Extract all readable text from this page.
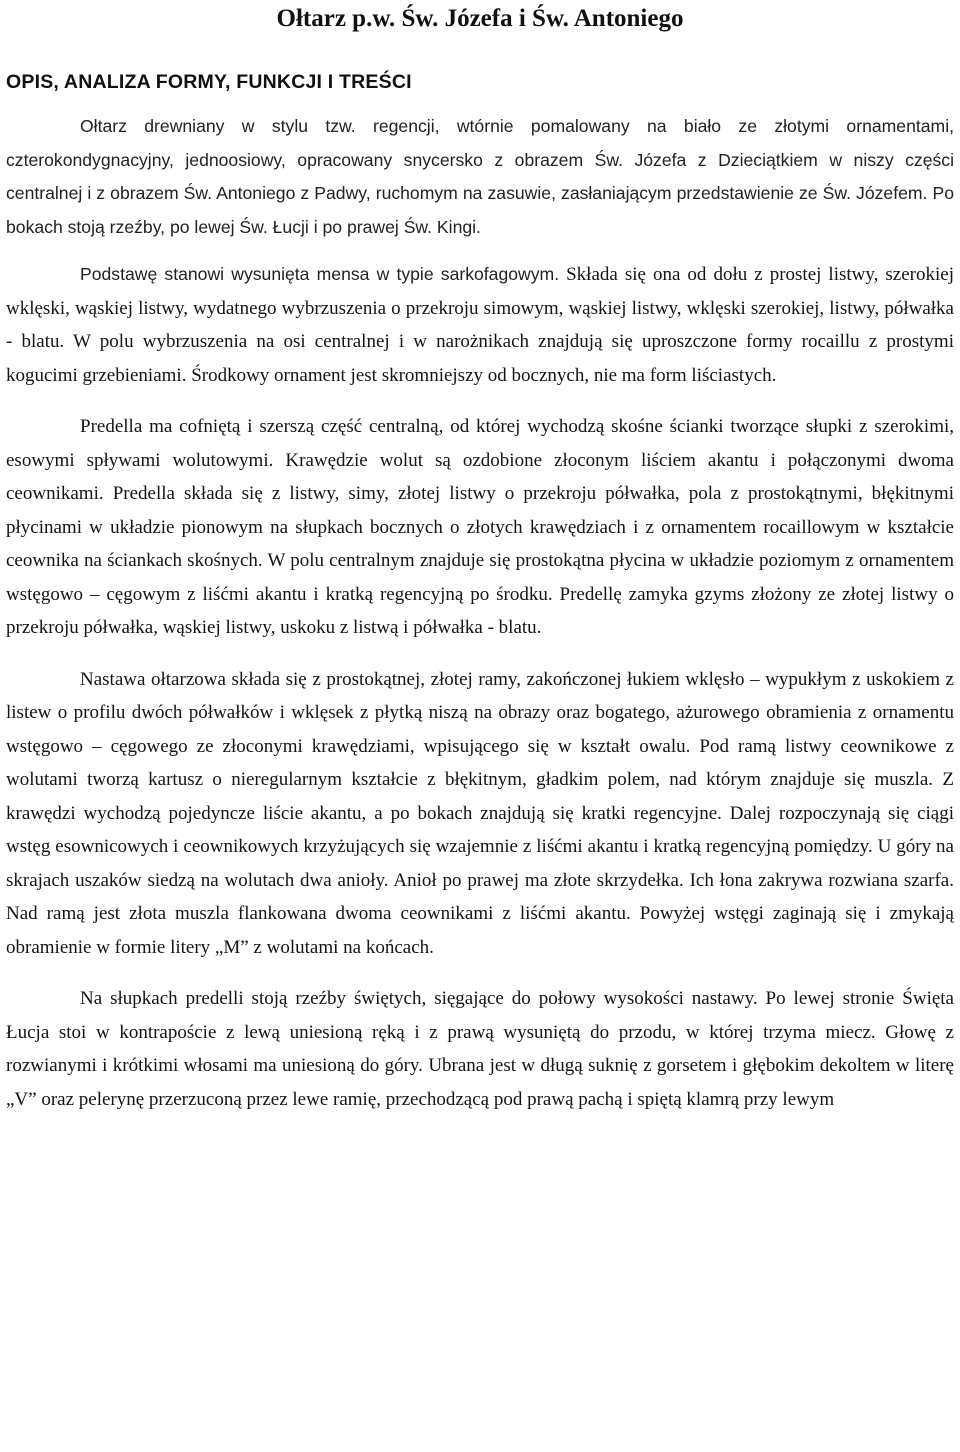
Ołtarz p.w. Św. Józefa i Św. Antoniego
OPIS, ANALIZA FORMY, FUNKCJI I TREŚCI

Ołtarz drewniany w stylu tzw. regencji, wtórnie pomalowany na biało ze złotymi ornamentami, czterokondygnacyjny, jednoosiowy, opracowany snycersko z obrazem Św. Józefa z Dzieciątkiem w niszy części centralnej i z obrazem Św. Antoniego z Padwy, ruchomym na zasuwie, zasłaniającym przedstawienie ze Św. Józefem. Po bokach stoją rzeźby, po lewej Św. Łucji i po prawej Św. Kingi.

Podstawę stanowi wysunięta mensa w typie sarkofagowym. Składa się ona od dołu z prostej listwy, szerokiej wklęski, wąskiej listwy, wydatnego wybrzuszenia o przekroju simowym, wąskiej listwy, wklęski szerokiej, listwy, półwałka - blatu. W polu wybrzuszenia na osi centralnej i w narożnikach znajdują się uproszczone formy rocaillu z prostymi kogucimi grzebieniami. Środkowy ornament jest skromniejszy od bocznych, nie ma form liściastych.

Predella ma cofniętą i szerszą część centralną, od której wychodzą skośne ścianki tworzące słupki z szerokimi, esowymi spływami wolutowymi. Krawędzie wolut są ozdobione złoconym liściem akantu i połączonymi dwoma ceownikami. Predella składa się z listwy, simy, złotej listwy o przekroju półwałka, pola z prostokątnymi, błękitnymi płycinami w układzie pionowym na słupkach bocznych o złotych krawędziach i z ornamentem rocaillowym w kształcie ceownika na ściankach skośnych. W polu centralnym znajduje się prostokątna płycina w układzie poziomym z ornamentem wstęgowo – cęgowym z liśćmi akantu i kratką regencyjną po środku. Predellę zamyka gzyms złożony ze złotej listwy o przekroju półwałka, wąskiej listwy, uskoku z listwą i półwałka - blatu.

Nastawa ołtarzowa składa się z prostokątnej, złotej ramy, zakończonej łukiem wklęsło – wypukłym z uskokiem z listew o profilu dwóch półwałków i wklęsek z płytką niszą na obrazy oraz bogatego, ażurowego obramienia z ornamentu wstęgowo – cęgowego ze złoconymi krawędziami, wpisującego się w kształt owalu. Pod ramą listwy ceownikowe z wolutami tworzą kartusz o nieregularnym kształcie z błękitnym, gładkim polem, nad którym znajduje się muszla. Z krawędzi wychodzą pojedyncze liście akantu, a po bokach znajdują się kratki regencyjne. Dalej rozpoczynają się ciągi wstęg esownicowych i ceownikowych krzyżujących się wzajemnie z liśćmi akantu i kratką regencyjną pomiędzy. U góry na skrajach uszaków siedzą na wolutach dwa anioły. Anioł po prawej ma złote skrzydełka. Ich łona zakrywa rozwiana szarfa. Nad ramą jest złota muszla flankowana dwoma ceownikami z liśćmi akantu. Powyżej wstęgi zaginają się i zmykają obramienie w formie litery „M” z wolutami na końcach.

Na słupkach predelli stoją rzeźby świętych, sięgające do połowy wysokości nastawy. Po lewej stronie Święta Łucja stoi w kontrapoście z lewą uniesioną ręką i z prawą wysuniętą do przodu, w której trzyma miecz. Głowę z rozwianymi i krótkimi włosami ma uniesioną do góry. Ubrana jest w długą suknię z gorsetem i głębokim dekoltem w literę „V” oraz pelerynę przerzuconą przez lewe ramię, przechodzącą pod prawą pachą i spiętą klamrą przy lewym
